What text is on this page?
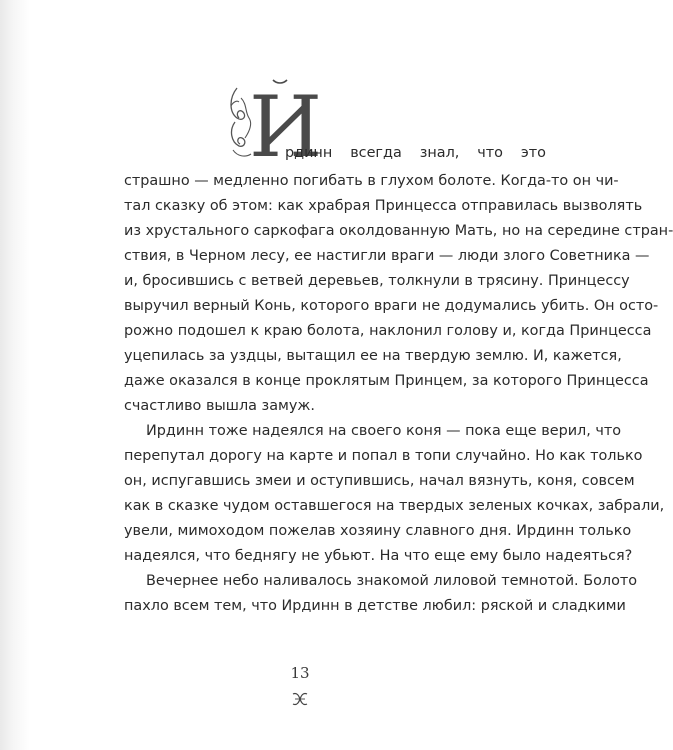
И
рдинн всегда знал, что это
страшно — медленно погибать в глухом болоте. Когда-то он чи-
тал сказку об этом: как храбрая Принцесса отправилась вызволять
из хрустального саркофага околдованную Мать, но на середине стран-
ствия, в Черном лесу, ее настигли враги — люди злого Советника —
и, бросившись с ветвей деревьев, толкнули в трясину. Принцессу
выручил верный Конь, которого враги не додумались убить. Он осто-
рожно подошел к краю болота, наклонил голову и, когда Принцесса
уцепилась за уздцы, вытащил ее на твердую землю. И, кажется,
даже оказался в конце проклятым Принцем, за которого Принцесса
счастливо вышла замуж.
Ирдинн тоже надеялся на своего коня — пока еще верил, что
перепутал дорогу на карте и попал в топи случайно. Но как только
он, испугавшись змеи и оступившись, начал вязнуть, коня, совсем
как в сказке чудом оставшегося на твердых зеленых кочках, забрали,
увели, мимоходом пожелав хозяину славного дня. Ирдинн только
надеялся, что беднягу не убьют. На что еще ему было надеяться?
Вечернее небо наливалось знакомой лиловой темнотой. Болото
пахло всем тем, что Ирдинн в детстве любил: ряской и сладкими
13
